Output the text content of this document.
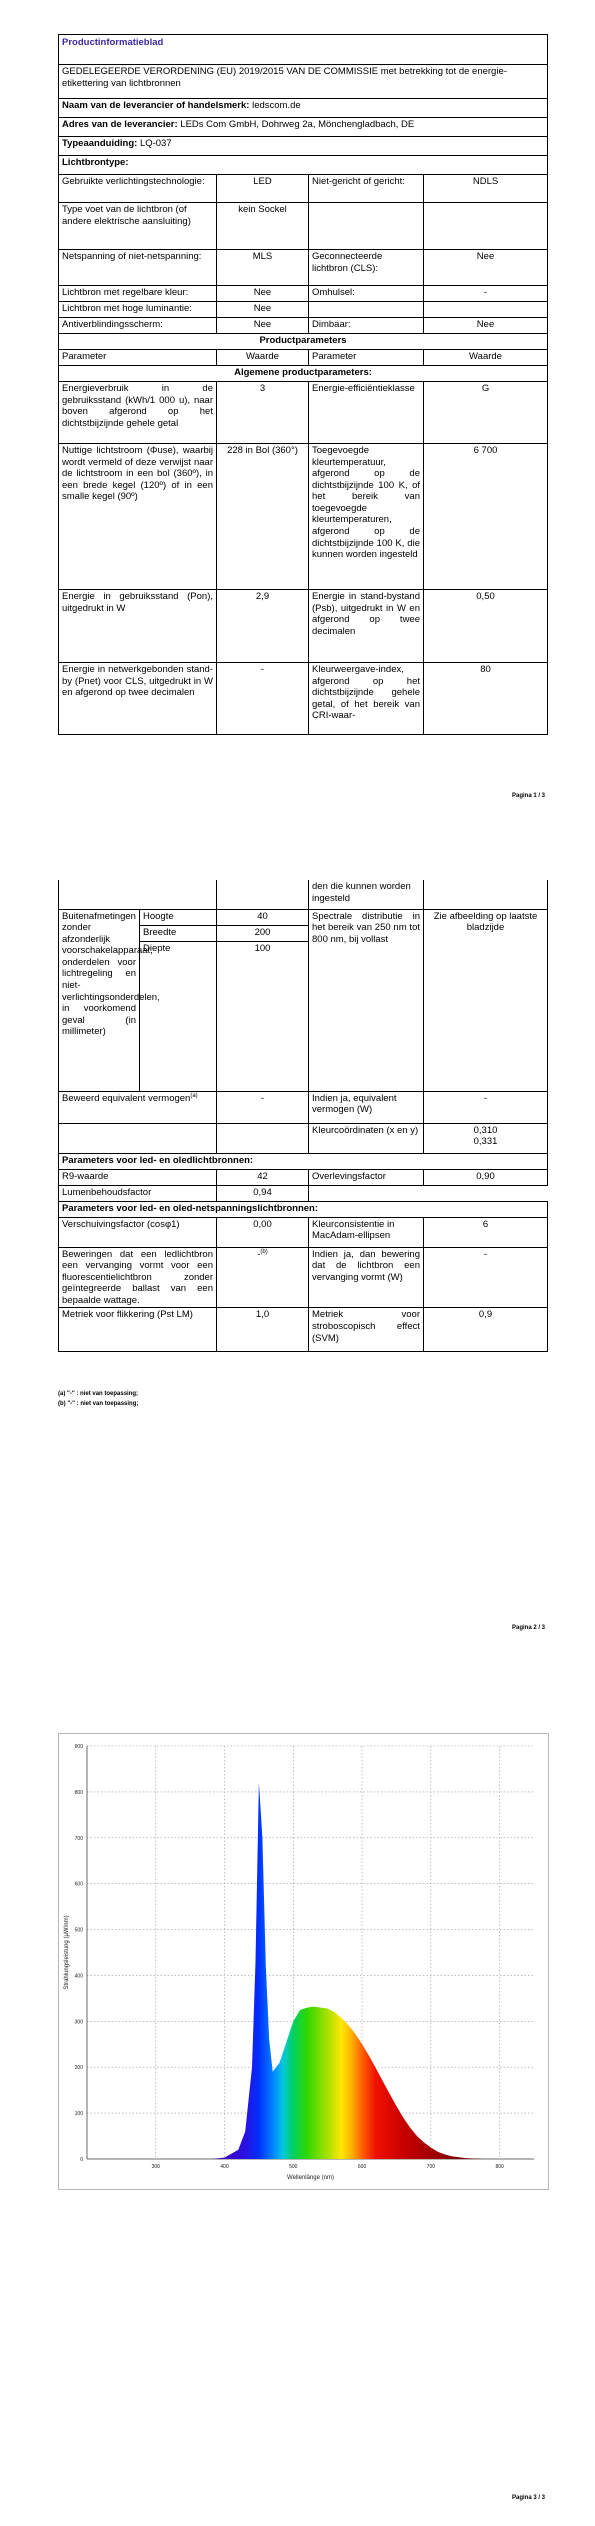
Productinformatieblad			
GEDELEGEERDE VERORDENING (EU) 2019/2015 VAN DE COMMISSIE met betrekking tot de energie-etikettering van lichtbronnen			
Naam van de leverancier of handelsmerk: ledscom.de			
Adres van de leverancier: LEDs Com GmbH, Dohrweg 2a, Mönchengladbach, DE			
Typeaanduiding: LQ-037			
Lichtbrontype:			
Gebruikte verlichtingstechnologie:	LED	Niet-gericht of gericht:	NDLS
Type voet van de lichtbron (of andere elektrische aansluiting)	kein Sockel		
Netspanning of niet-netspanning:	MLS	Geconnecteerde lichtbron (CLS):	Nee
Lichtbron met regelbare kleur:	Nee	Omhulsel:	-
Lichtbron met hoge luminantie:	Nee		
Antiverblindingsscherm:	Nee	Dimbaar:	Nee
Productparameters			
Parameter	Waarde	Parameter	Waarde
Algemene productparameters:			
Energieverbruik in de gebruiksstand (kWh/1 000 u), naar boven afgerond op het dichtstbijzijnde gehele getal	3	Energie-efficiëntieklasse	G
Nuttige lichtstroom (Φuse), waarbij wordt vermeld of deze verwijst naar de lichtstroom in een bol (360º), in een brede kegel (120º) of in een smalle kegel (90º)	228 in Bol (360°)	Toegevoegde kleurtemperatuur, afgerond op de dichtstbijzijnde 100 K, of het bereik van toegevoegde kleurtemperaturen, afgerond op de dichtstbijzijnde 100 K, die kunnen worden ingesteld	6 700
Energie in gebruiksstand (Pon), uitgedrukt in W	2,9	Energie in stand-bystand (Psb), uitgedrukt in W en afgerond op twee decimalen	0,50
Energie in netwerkgebonden stand-by (Pnet) voor CLS, uitgedrukt in W en afgerond op twee decimalen	-	Kleurweergave-index, afgerond op het dichtstbijzijnde gehele getal, of het bereik van CRI-waar-	80
Pagina 1 / 3
			den die kunnen worden ingesteld	
Buitenafmetingen zonder afzonderlijk voorschakelapparaat, onderdelen voor lichtregeling en niet-verlichtingsonderdelen, in voorkomend geval (in millimeter)	Hoogte	40	Spectrale distributie in het bereik van 250 nm tot 800 nm, bij vollast	Zie afbeelding op laatste bladzijde
	Breedte	200		
	Diepte	100		
Beweerd equivalent vermogen$^{(a)}$		-	Indien ja, equivalent vermogen (W)	-
			Kleurcoördinaten (x en y)	0,310
0,331

Parameters voor led- en oledlichtbronnen:				
R9-waarde		42	Overlevingsfactor	0,90
Lumenbehoudsfactor		0,94		
Parameters voor led- en oled-netspanningslichtbronnen:				
Verschuivingsfactor (cosφ1)		0,00	Kleurconsistentie in MacAdam-ellipsen	6
Beweringen dat een ledlichtbron een vervanging vormt voor een fluorescentielichtbron zonder geïntegreerde ballast van een bepaalde wattage.		-$^{(b)}$	Indien ja, dan bewering dat de lichtbron een vervanging vormt (W)	-
Metriek voor flikkering (Pst LM)		1,0	Metriek voor stroboscopisch effect (SVM)	0,9
(a) "-" : niet van toepassing;
(b) "-" : niet van toepassing;
Pagina 2 / 3
0
100
200
300
400
500
600
700
800
900
300	400	500	600	700	800
Strahlungsleistung (µW/nm)
Wellenlänge (nm)
Pagina 3 / 3
